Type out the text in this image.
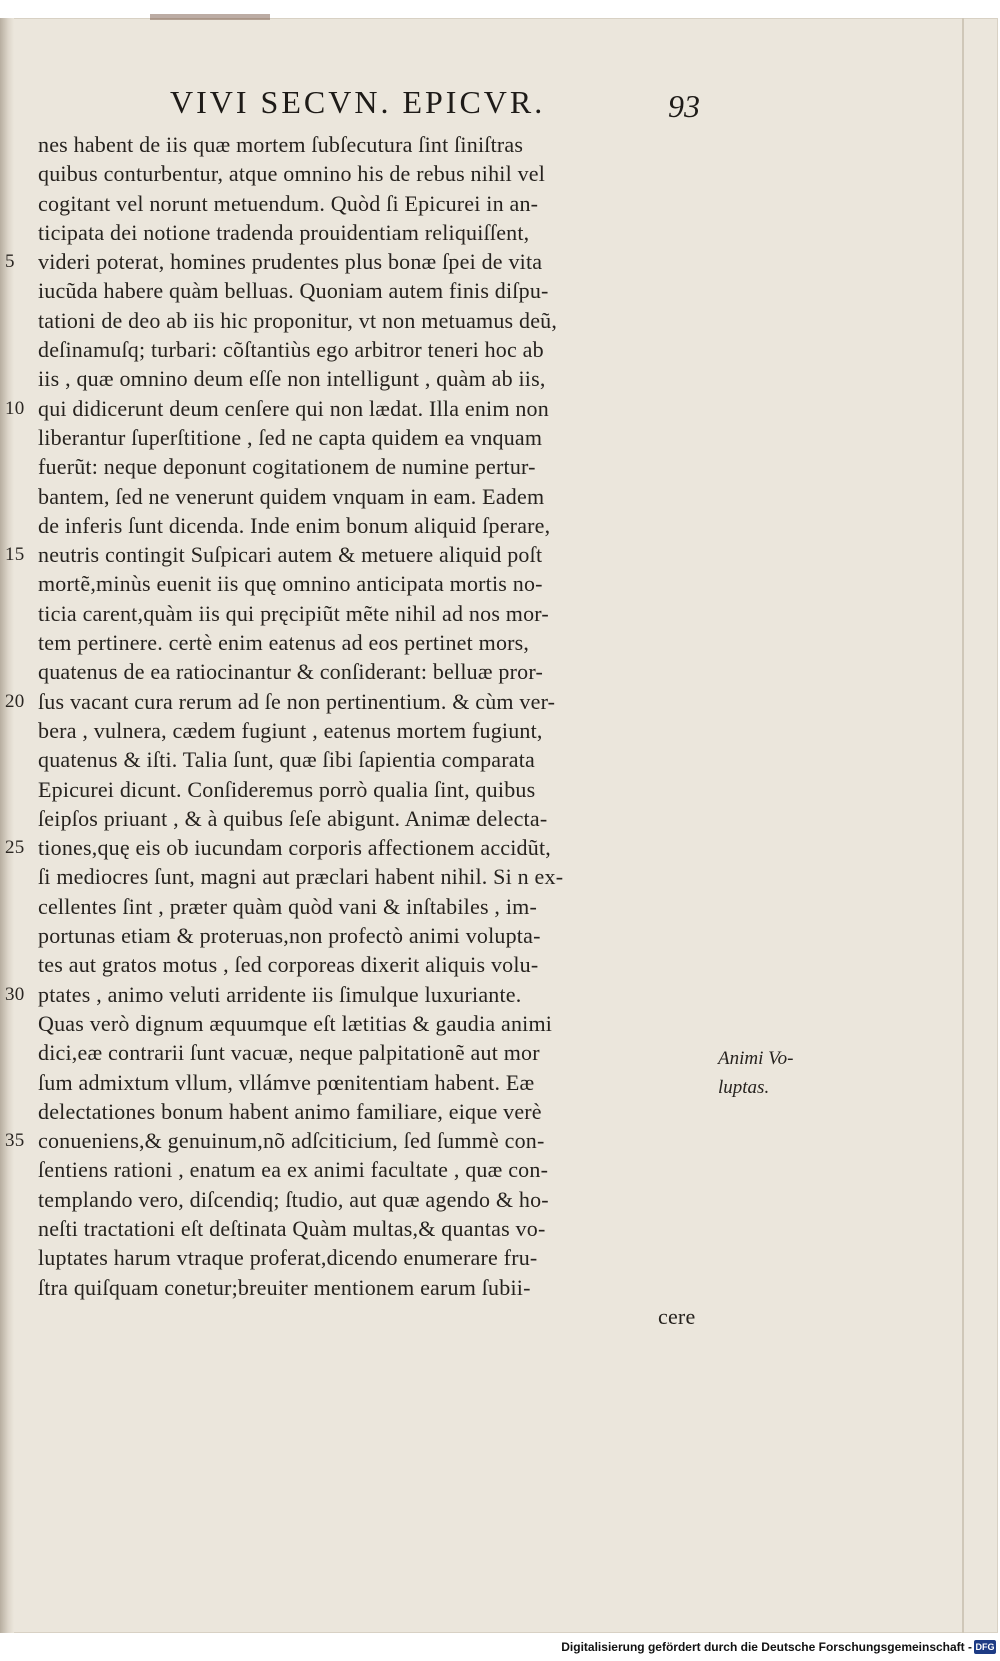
VIVI SECVN. EPICVR.	93
nes habent de iis quæ mortem ſubſecutura ſint ſiniſtras
quibus conturbentur, atque omnino his de rebus nihil vel
cogitant vel norunt metuendum. Quòd ſi Epicurei in an-
ticipata dei notione tradenda prouidentiam reliquiſſent,
5	videri poterat, homines prudentes plus bonæ ſpei de vita
iucũda habere quàm belluas. Quoniam autem finis diſpu-
tationi de deo ab iis hic proponitur, vt non metuamus deũ,
deſinamuſq; turbari: cõſtantiùs ego arbitror teneri hoc ab
iis , quæ omnino deum eſſe non intelligunt , quàm ab iis,
10 qui didicerunt deum cenſere qui non lædat. Illa enim non
liberantur ſuperſtitione , ſed ne capta quidem ea vnquam
fuerũt: neque deponunt cogitationem de numine pertur-
bantem, ſed ne venerunt quidem vnquam in eam. Eadem
de inferis ſunt dicenda. Inde enim bonum aliquid ſperare,
15 neutris contingit Suſpicari autem & metuere aliquid poſt
mortẽ,minùs euenit iis quę omnino anticipata mortis no-
ticia carent,quàm iis qui pręcipiũt mẽte nihil ad nos mor-
tem pertinere. certè enim eatenus ad eos pertinet mors,
quatenus de ea ratiocinantur & conſiderant: belluæ pror-
20 ſus vacant cura rerum ad ſe non pertinentium. & cùm ver-
bera , vulnera, cædem fugiunt , eatenus mortem fugiunt,
quatenus & iſti. Talia ſunt, quæ ſibi ſapientia comparata
Epicurei dicunt. Conſideremus porrò qualia ſint, quibus
ſeipſos priuant , & à quibus ſeſe abigunt. Animæ delecta-
25 tiones,quę eis ob iucundam corporis affectionem accidũt,
ſi mediocres ſunt, magni aut præclari habent nihil. Si n ex-
cellentes ſint , præter quàm quòd vani & inſtabiles , im-
portunas etiam & proteruas,non profectò animi volupta-
tes aut gratos motus , ſed corporeas dixerit aliquis volu-
30 ptates , animo veluti arridente iis ſimulque luxuriante.
Quas verò dignum æquumque eſt lætitias & gaudia animi
dici,eæ contrarii ſunt vacuæ, neque palpitationẽ aut mor
ſum admixtum vllum, vllámve pœnitentiam habent. Eæ
delectationes bonum habent animo familiare, eique verè
35 conueniens,& genuinum,nõ adſciticium, ſed ſummè con-
ſentiens rationi , enatum ea ex animi facultate , quæ con-
templando vero, diſcendiq; ſtudio, aut quæ agendo & ho-
neſti tractationi eſt deſtinata Quàm multas,& quantas vo-
luptates harum vtraque proferat,dicendo enumerare fru-
ſtra quiſquam conetur;breuiter mentionem earum ſubii-
cere
Animi Vo-
luptas.
Digitalisierung gefördert durch die Deutsche Forschungsgemeinschaft - DFG
